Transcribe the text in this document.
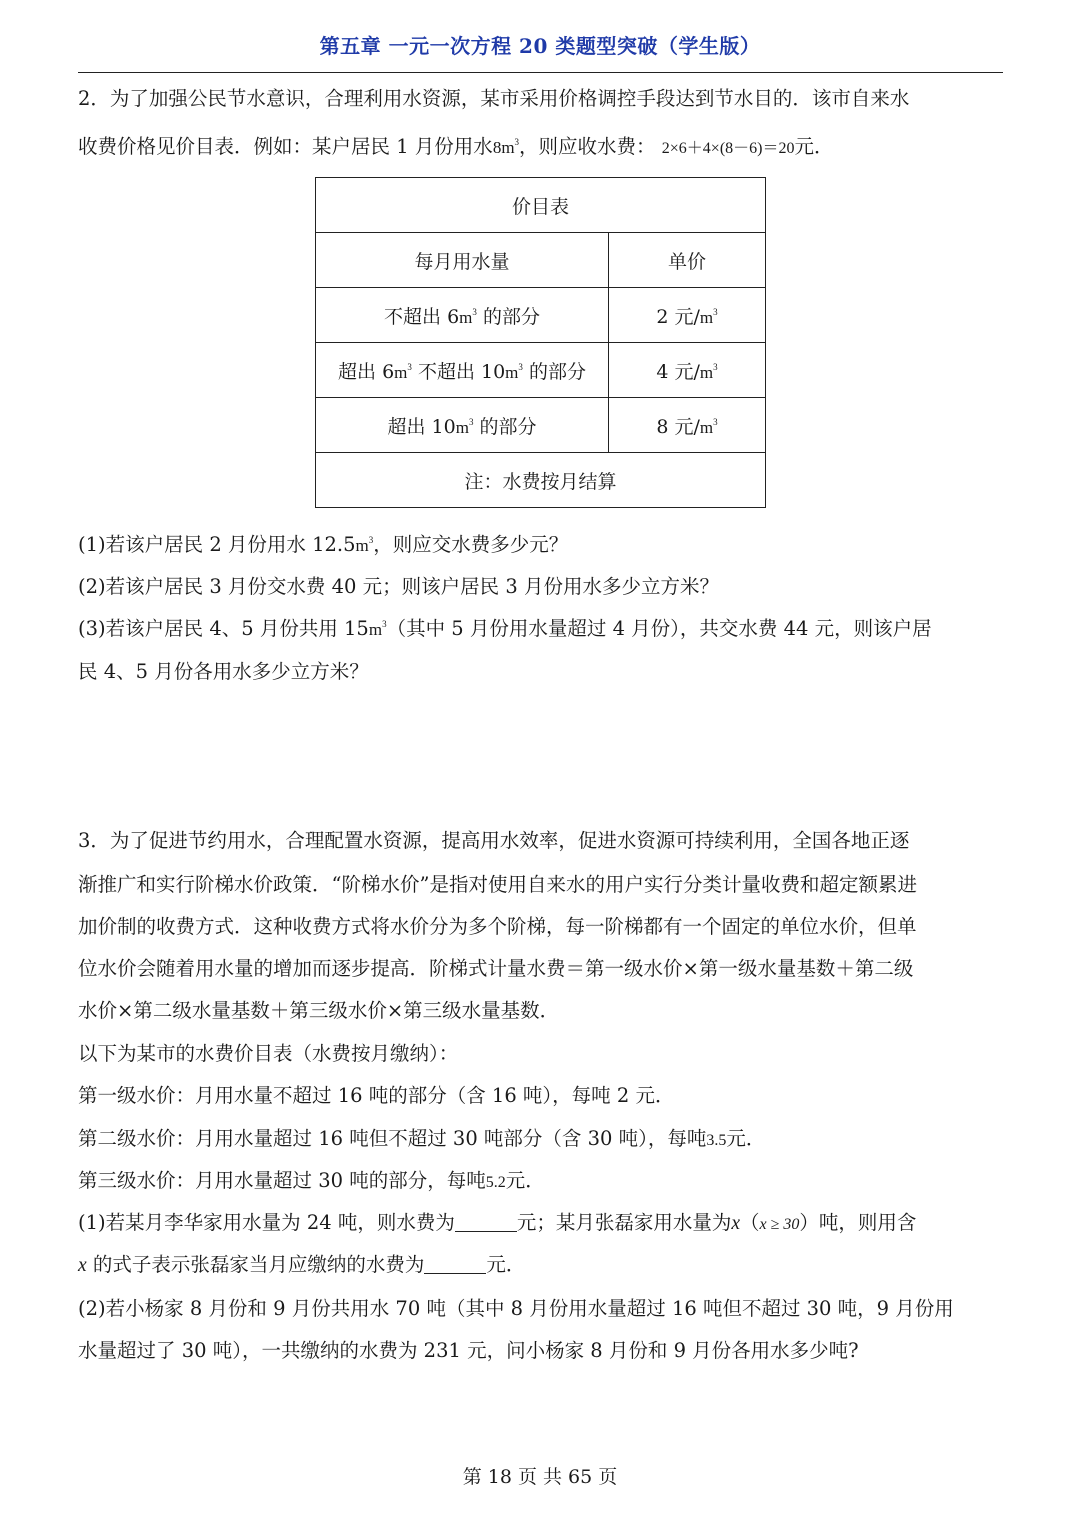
第五章 一元一次方程 20 类题型突破（学生版）
2．为了加强公民节水意识，合理利用水资源，某市采用价格调控手段达到节水目的．该市自来水
收费价格见价目表．例如：某户居民 1 月份用水$8m^3$，则应收水费： 2×6＋4×(8－6)＝20元．
价目表	
每月用水量	单价
不超出 $6m^3$ 的部分	2 元$/m^3$
超出 $6m^3$ 不超出 $10m^3$ 的部分	4 元$/m^3$
超出 $10m^3$ 的部分	8 元$/m^3$
注：水费按月结算	
(1)若该户居民 2 月份用水 $12.5m^3$，则应交水费多少元？
(2)若该户居民 3 月份交水费 40 元；则该户居民 3 月份用水多少立方米？
(3)若该户居民 4、5 月份共用 $15m^3$（其中 5 月份用水量超过 4 月份），共交水费 44 元，则该户居
民 4、5 月份各用水多少立方米？
3．为了促进节约用水，合理配置水资源，提高用水效率，促进水资源可持续利用，全国各地正逐
渐推广和实行阶梯水价政策．“阶梯水价”是指对使用自来水的用户实行分类计量收费和超定额累进
加价制的收费方式．这种收费方式将水价分为多个阶梯，每一阶梯都有一个固定的单位水价，但单
位水价会随着用水量的增加而逐步提高．阶梯式计量水费＝第一级水价×第一级水量基数＋第二级
水价×第二级水量基数＋第三级水价×第三级水量基数．
以下为某市的水费价目表（水费按月缴纳）：
第一级水价：月用水量不超过 16 吨的部分（含 16 吨），每吨 2 元．
第二级水价：月用水量超过 16 吨但不超过 30 吨部分（含 30 吨），每吨3.5元．
第三级水价：月用水量超过 30 吨的部分，每吨5.2元．
(1)若某月李华家用水量为 24 吨，则水费为	元；某月张磊家用水量为x（x ≥ 30）吨，则用含
x 的式子表示张磊家当月应缴纳的水费为	元．
(2)若小杨家 8 月份和 9 月份共用水 70 吨（其中 8 月份用水量超过 16 吨但不超过 30 吨，9 月份用
水量超过了 30 吨），一共缴纳的水费为 231 元，问小杨家 8 月份和 9 月份各用水多少吨?
第 18 页 共 65 页
